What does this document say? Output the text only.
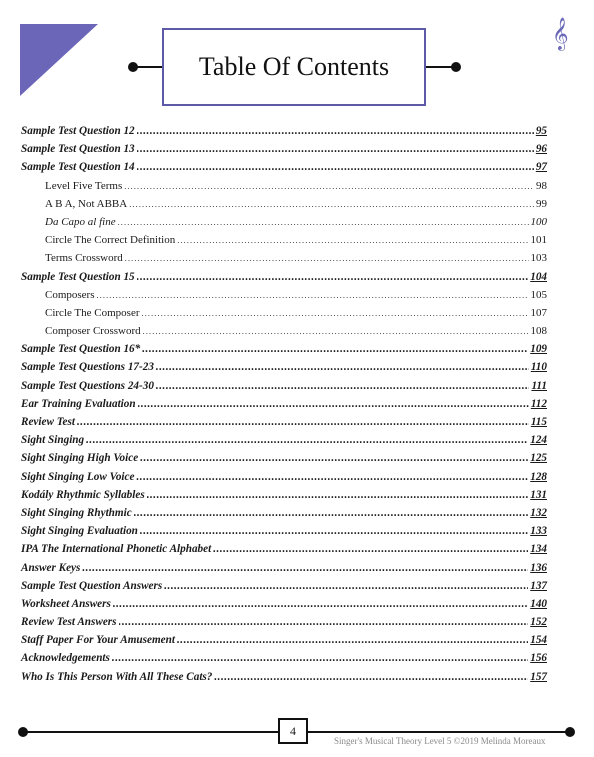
𝄞
Table Of Contents
Sample Test Question 12 .....	95
Sample Test Question 13 .....	96
Sample Test Question 14 .....	97
Level Five Terms .....	98
A B A, Not ABBA .....	99
Da Capo al fine .....	100
Circle The Correct Definition .....	101
Terms Crossword .....	103
Sample Test Question 15 .....	104
Composers .....	105
Circle The Composer .....	107
Composer Crossword .....	108
Sample Test Question 16* .....	109
Sample Test Questions 17-23 .....	110
Sample Test Questions 24-30 .....	111
Ear Training Evaluation .....	112
Review Test .....	115
Sight Singing .....	124
Sight Singing High Voice .....	125
Sight Singing Low Voice .....	128
Kodály Rhythmic Syllables .....	131
Sight Singing Rhythmic .....	132
Sight Singing Evaluation .....	133
IPA The International Phonetic Alphabet .....	134
Answer Keys .....	136
Sample Test Question Answers .....	137
Worksheet Answers .....	140
Review Test Answers .....	152
Staff Paper For Your Amusement .....	154
Acknowledgements .....	156
Who Is This Person With All These Cats? .....	157
4
Singer's Musical Theory Level 5 ©2019 Melinda Moreaux
